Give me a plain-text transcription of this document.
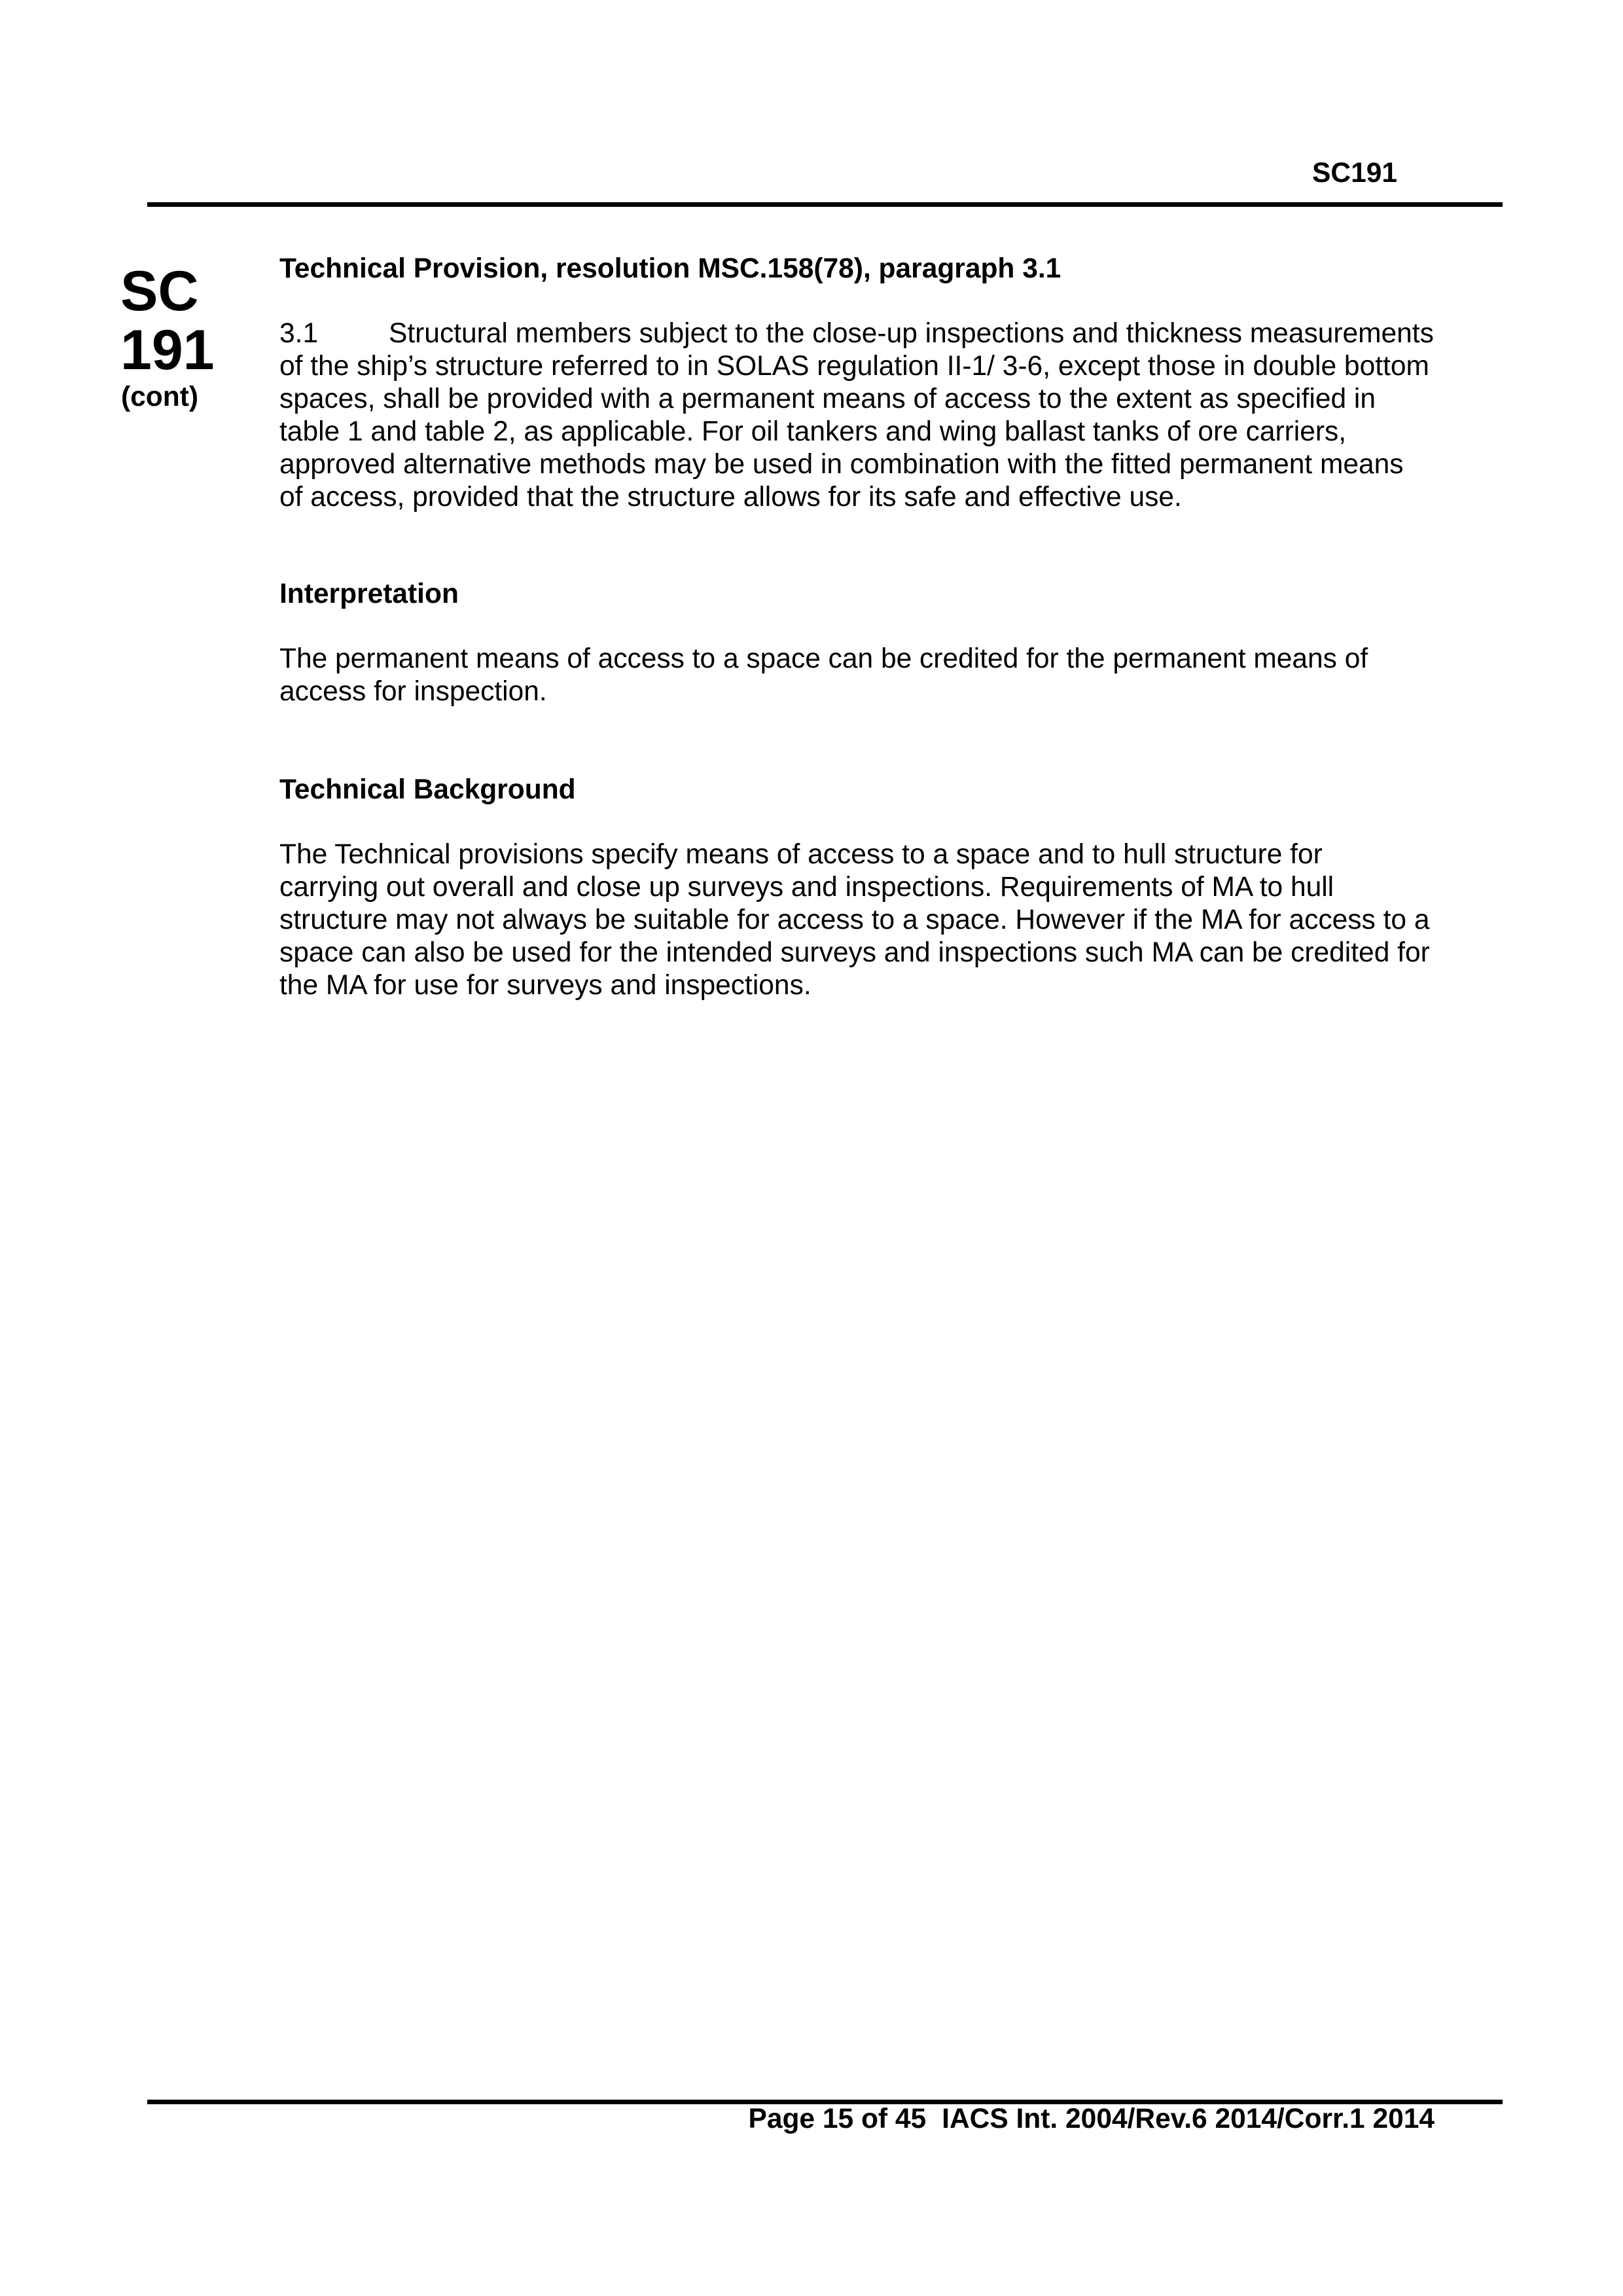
SC191
SC
191
(cont)
Technical Provision, resolution MSC.158(78), paragraph 3.1
3.1	Structural members subject to the close-up inspections and thickness measurements
of the ship’s structure referred to in SOLAS regulation II-1/ 3-6, except those in double bottom
spaces, shall be provided with a permanent means of access to the extent as specified in
table 1 and table 2, as applicable. For oil tankers and wing ballast tanks of ore carriers,
approved alternative methods may be used in combination with the fitted permanent means
of access, provided that the structure allows for its safe and effective use.
Interpretation
The permanent means of access to a space can be credited for the permanent means of
access for inspection.
Technical Background
The Technical provisions specify means of access to a space and to hull structure for
carrying out overall and close up surveys and inspections. Requirements of MA to hull
structure may not always be suitable for access to a space. However if the MA for access to a
space can also be used for the intended surveys and inspections such MA can be credited for
the MA for use for surveys and inspections.
Page 15 of 45 IACS Int. 2004/Rev.6 2014/Corr.1 2014
